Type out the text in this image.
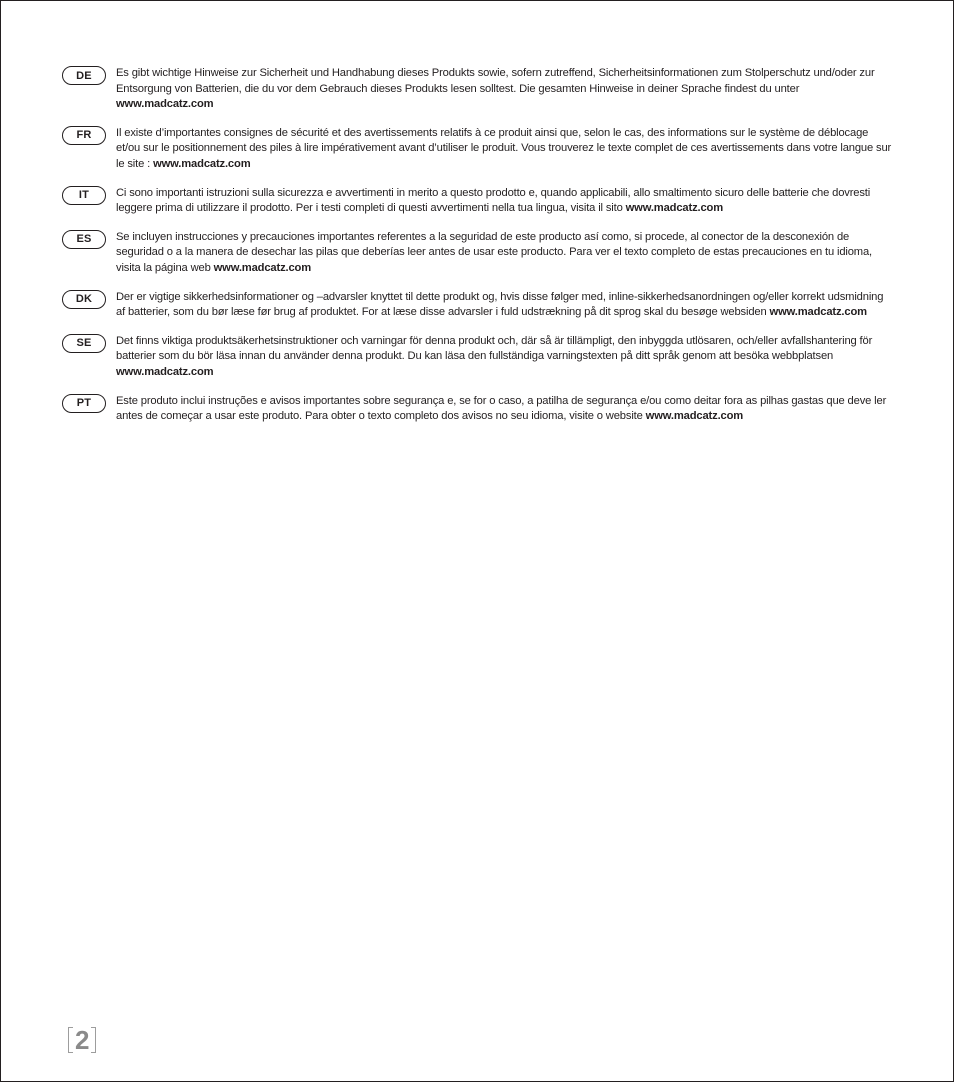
DE	Es gibt wichtige Hinweise zur Sicherheit und Handhabung dieses Produkts sowie, sofern zutreffend, Sicherheitsinformationen zum Stolperschutz und/oder zur Entsorgung von Batterien, die du vor dem Gebrauch dieses Produkts lesen solltest. Die gesamten Hinweise in deiner Sprache findest du unter www.madcatz.com
FR	Il existe d’importantes consignes de sécurité et des avertissements relatifs à ce produit ainsi que, selon le cas, des informations sur le système de déblocage et/ou sur le positionnement des piles à lire impérativement avant d’utiliser le produit. Vous trouverez le texte complet de ces avertissements dans votre langue sur le site : www.madcatz.com
IT	Ci sono importanti istruzioni sulla sicurezza e avvertimenti in merito a questo prodotto e, quando applicabili, allo smaltimento sicuro delle batterie che dovresti leggere prima di utilizzare il prodotto. Per i testi completi di questi avvertimenti nella tua lingua, visita il sito www.madcatz.com
ES	Se incluyen instrucciones y precauciones importantes referentes a la seguridad de este producto así como, si procede, al conector de la desconexión de seguridad o a la manera de desechar las pilas que deberías leer antes de usar este producto. Para ver el texto completo de estas precauciones en tu idioma, visita la página web www.madcatz.com
DK	Der er vigtige sikkerhedsinformationer og –advarsler knyttet til dette produkt og, hvis disse følger med, inline-sikkerhedsanordningen og/eller korrekt udsmidning af batterier, som du bør læse før brug af produktet. For at læse disse advarsler i fuld udstrækning på dit sprog skal du besøge websiden www.madcatz.com
SE	Det finns viktiga produktsäkerhetsinstruktioner och varningar för denna produkt och, där så är tillämpligt, den inbyggda utlösaren, och/eller avfallshantering för batterier som du bör läsa innan du använder denna produkt. Du kan läsa den fullständiga varningstexten på ditt språk genom att besöka webbplatsen www.madcatz.com
PT	Este produto inclui instruções e avisos importantes sobre segurança e, se for o caso, a patilha de segurança e/ou como deitar fora as pilhas gastas que deve ler antes de começar a usar este produto. Para obter o texto completo dos avisos no seu idioma, visite o website www.madcatz.com
2
